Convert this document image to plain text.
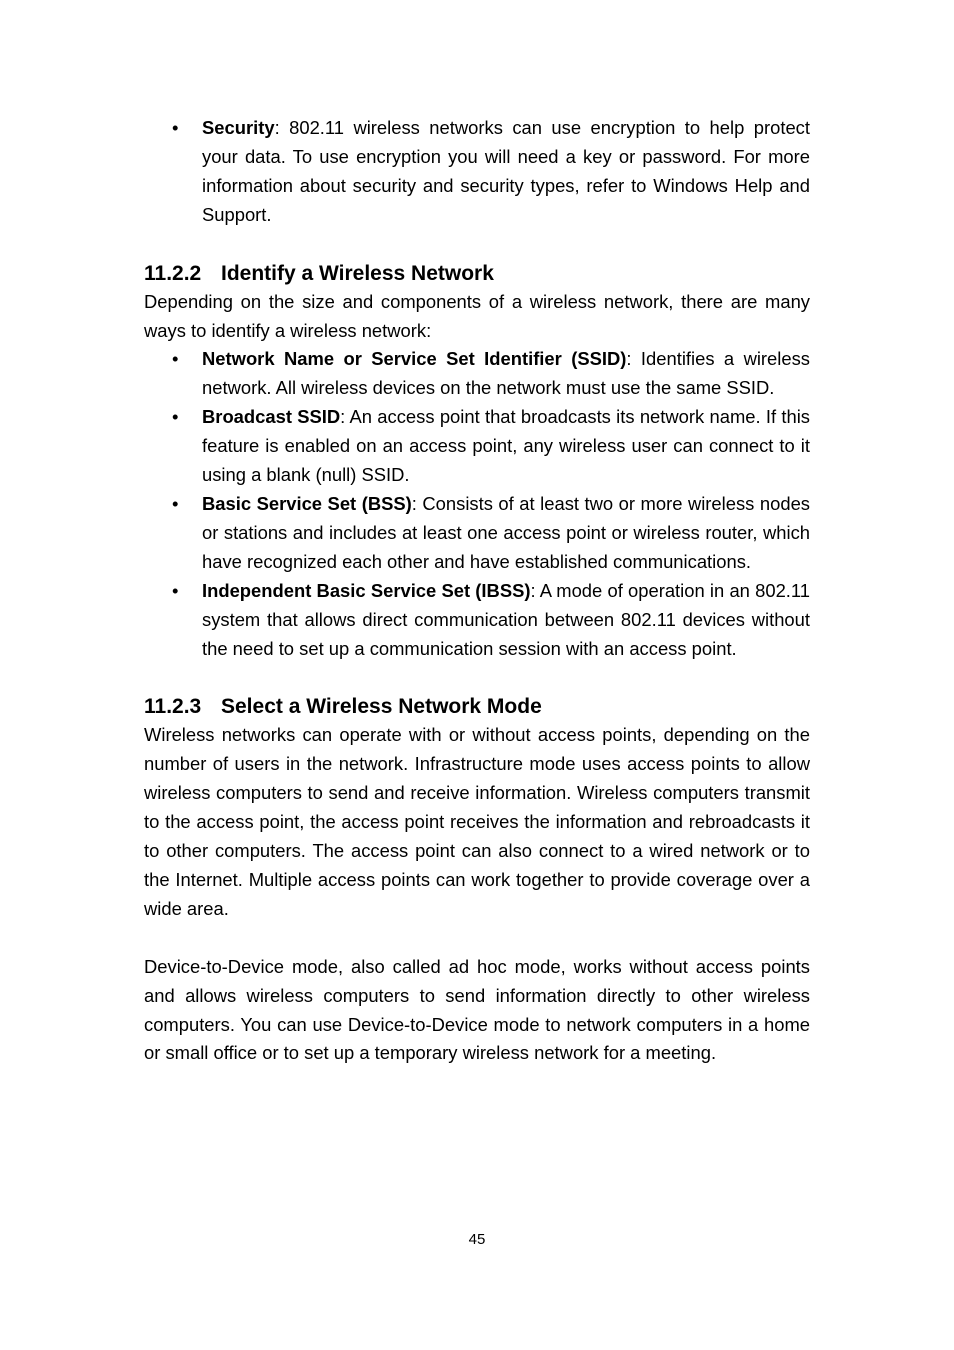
• Security: 802.11 wireless networks can use encryption to help protect your data. To use encryption you will need a key or password. For more information about security and security types, refer to Windows Help and Support.
11.2.2 Identify a Wireless Network

Depending on the size and components of a wireless network, there are many ways to identify a wireless network:

• Network Name or Service Set Identifier (SSID): Identifies a wireless network. All wireless devices on the network must use the same SSID.
• Broadcast SSID: An access point that broadcasts its network name. If this feature is enabled on an access point, any wireless user can connect to it using a blank (null) SSID.
• Basic Service Set (BSS): Consists of at least two or more wireless nodes or stations and includes at least one access point or wireless router, which have recognized each other and have established communications.
• Independent Basic Service Set (IBSS): A mode of operation in an 802.11 system that allows direct communication between 802.11 devices without the need to set up a communication session with an access point.
11.2.3 Select a Wireless Network Mode

Wireless networks can operate with or without access points, depending on the number of users in the network. Infrastructure mode uses access points to allow wireless computers to send and receive information. Wireless computers transmit to the access point, the access point receives the information and rebroadcasts it to other computers. The access point can also connect to a wired network or to the Internet. Multiple access points can work together to provide coverage over a wide area.

Device-to-Device mode, also called ad hoc mode, works without access points and allows wireless computers to send information directly to other wireless computers. You can use Device-to-Device mode to network computers in a home or small office or to set up a temporary wireless network for a meeting.

45
